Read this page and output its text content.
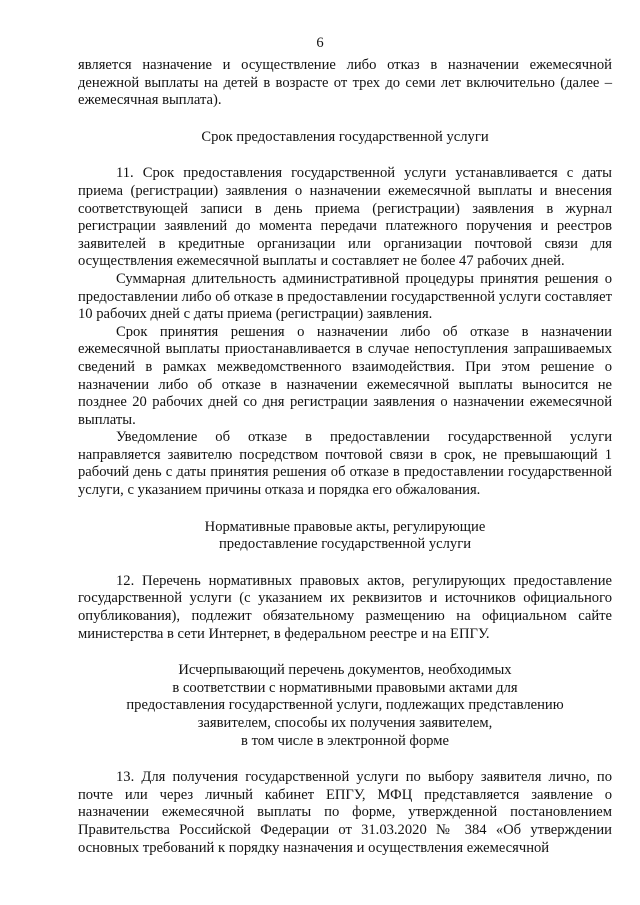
6

является назначение и осуществление либо отказ в назначении ежемесячной денежной выплаты на детей в возрасте от трех до семи лет включительно (далее – ежемесячная выплата).

Срок предоставления государственной услуги

11. Срок предоставления государственной услуги устанавливается с даты приема (регистрации) заявления о назначении ежемесячной выплаты и внесения соответствующей записи в день приема (регистрации) заявления в журнал регистрации заявлений до момента передачи платежного поручения и реестров заявителей в кредитные организации или организации почтовой связи для осуществления ежемесячной выплаты и составляет не более 47 рабочих дней.

Суммарная длительность административной процедуры принятия решения о предоставлении либо об отказе в предоставлении государственной услуги составляет 10 рабочих дней с даты приема (регистрации) заявления.

Срок принятия решения о назначении либо об отказе в назначении ежемесячной выплаты приостанавливается в случае непоступления запрашиваемых сведений в рамках межведомственного взаимодействия. При этом решение о назначении либо об отказе в назначении ежемесячной выплаты выносится не позднее 20 рабочих дней со дня регистрации заявления о назначении ежемесячной выплаты.

Уведомление об отказе в предоставлении государственной услуги направляется заявителю посредством почтовой связи в срок, не превышающий 1 рабочий день с даты принятия решения об отказе в предоставлении государственной услуги, с указанием причины отказа и порядка его обжалования.

Нормативные правовые акты, регулирующие
предоставление государственной услуги

12. Перечень нормативных правовых актов, регулирующих предоставление государственной услуги (с указанием их реквизитов и источников официального опубликования), подлежит обязательному размещению на официальном сайте министерства в сети Интернет, в федеральном реестре и на ЕПГУ.

Исчерпывающий перечень документов, необходимых
в соответствии с нормативными правовыми актами для
предоставления государственной услуги, подлежащих представлению
заявителем, способы их получения заявителем,
в том числе в электронной форме

13. Для получения государственной услуги по выбору заявителя лично, по почте или через личный кабинет ЕПГУ, МФЦ представляется заявление о назначении ежемесячной выплаты по форме, утвержденной постановлением Правительства Российской Федерации от 31.03.2020 № 384 «Об утверждении основных требований к порядку назначения и осуществления ежемесячной
